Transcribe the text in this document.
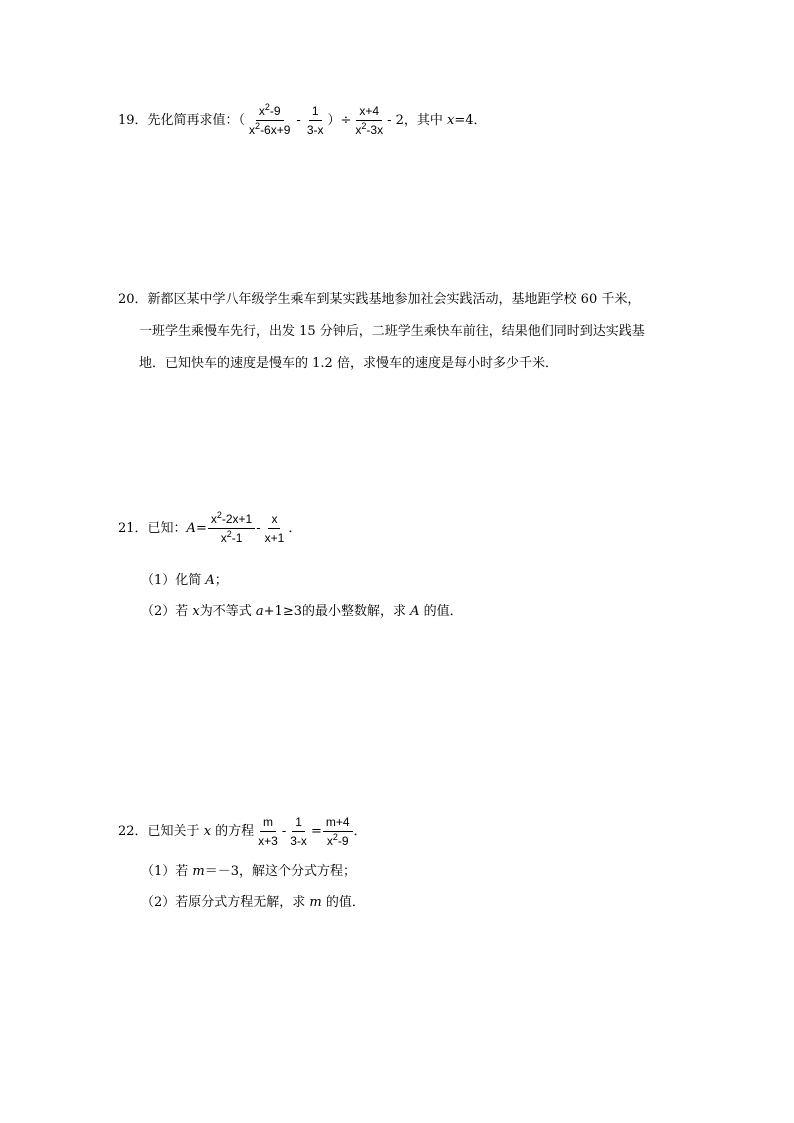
19．先化简再求值：（ $\frac{x^2-9}{x^2-6x+9} - \frac{1}{3-x}$ ）÷ $\frac{x+4}{x^2-3x} - 2$，其中 x=4．
20．新都区某中学八年级学生乘车到某实践基地参加社会实践活动，基地距学校 60 千米，
一班学生乘慢车先行，出发 15 分钟后，二班学生乘快车前往，结果他们同时到达实践基
地．已知快车的速度是慢车的 1.2 倍，求慢车的速度是每小时多少千米．
21．已知：$A= \frac{x^2-2x+1}{x^2-1} - \frac{x}{x+1}$ ．
（1）化简 A；
（2）若 x为不等式 a+1≥3的最小整数解，求 A 的值．
22．已知关于 x 的方程 $\frac{m}{x+3} - \frac{1}{3-x} = \frac{m+4}{x^2-9}$ ．
（1）若 m＝－3，解这个分式方程；
（2）若原分式方程无解，求 m 的值．
